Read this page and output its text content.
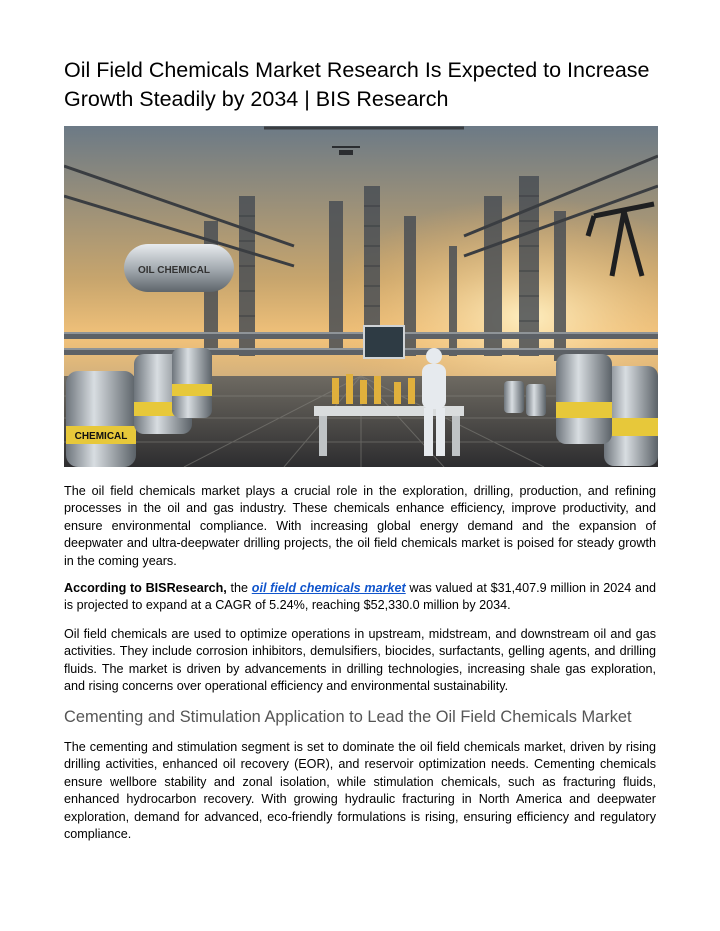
Oil Field Chemicals Market Research Is Expected to Increase Growth Steadily by 2034 | BIS Research
OIL CHEMICAL
CHEMICAL

The oil field chemicals market plays a crucial role in the exploration, drilling, production, and refining processes in the oil and gas industry. These chemicals enhance efficiency, improve productivity, and ensure environmental compliance. With increasing global energy demand and the expansion of deepwater and ultra-deepwater drilling projects, the oil field chemicals market is poised for steady growth in the coming years.

According to BISResearch, the oil field chemicals market was valued at $31,407.9 million in 2024 and is projected to expand at a CAGR of 5.24%, reaching $52,330.0 million by 2034.

Oil field chemicals are used to optimize operations in upstream, midstream, and downstream oil and gas activities. They include corrosion inhibitors, demulsifiers, biocides, surfactants, gelling agents, and drilling fluids. The market is driven by advancements in drilling technologies, increasing shale gas exploration, and rising concerns over operational efficiency and environmental sustainability.

Cementing and Stimulation Application to Lead the Oil Field Chemicals Market

The cementing and stimulation segment is set to dominate the oil field chemicals market, driven by rising drilling activities, enhanced oil recovery (EOR), and reservoir optimization needs. Cementing chemicals ensure wellbore stability and zonal isolation, while stimulation chemicals, such as fracturing fluids, enhanced hydrocarbon recovery. With growing hydraulic fracturing in North America and deepwater exploration, demand for advanced, eco-friendly formulations is rising, ensuring efficiency and regulatory compliance.
